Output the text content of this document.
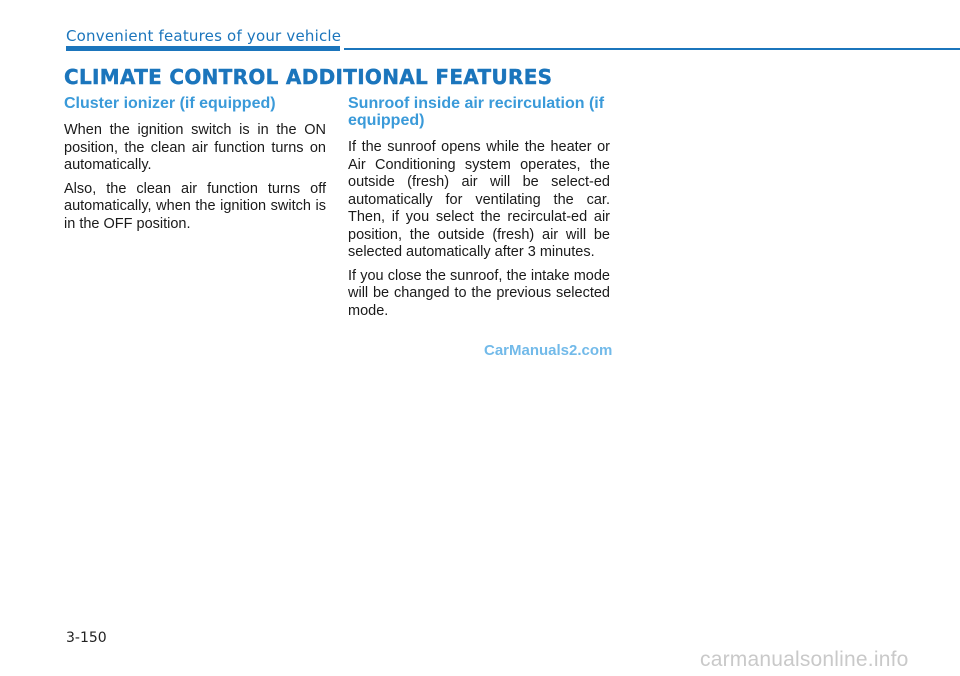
Convenient features of your vehicle
CLIMATE CONTROL ADDITIONAL FEATURES
Cluster ionizer (if equipped)

When the ignition switch is in the ON position, the clean air function turns on automatically.

Also, the clean air function turns off automatically, when the ignition switch is in the OFF position.

Sunroof inside air recirculation (if equipped)

If the sunroof opens while the heater or Air Conditioning system operates, the outside (fresh) air will be select-ed automatically for ventilating the car. Then, if you select the recirculat-ed air position, the outside (fresh) air will be selected automatically after 3 minutes.

If you close the sunroof, the intake mode will be changed to the previous selected mode.

CarManuals2.com
3-150
carmanualsonline.info
